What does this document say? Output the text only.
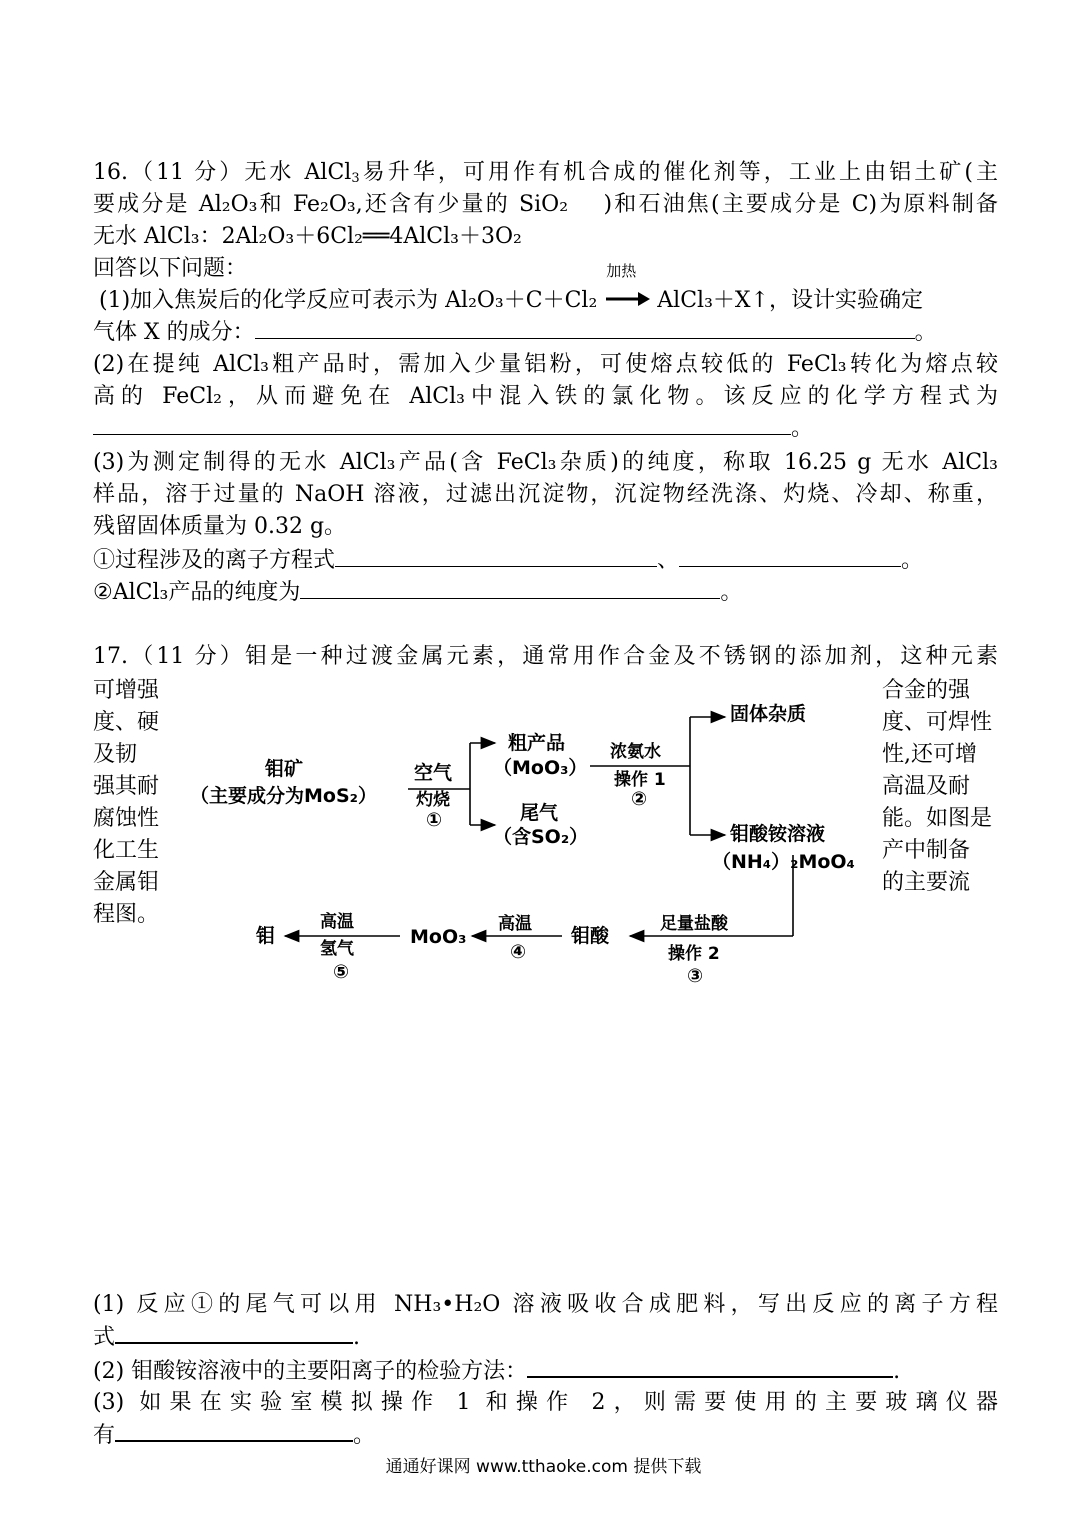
16.（11 分）无水 AlCl$_3$易升华，可用作有机合成的催化剂等，工业上由铝土矿(主
要成分是 Al₂O₃和 Fe₂O₃,还含有少量的 SiO₂　 )和石油焦(主要成分是 C)为原料制备
无水 AlCl₃：2Al₂O₃＋6Cl₂══4AlCl₃＋3O₂
回答以下问题：
(1)加入焦炭后的化学反应可表示为 Al₂O₃＋C＋Cl₂
加热
AlCl₃＋X↑，设计实验确定
气体 X 的成分：	。
(2)在提纯 AlCl₃粗产品时，需加入少量铝粉，可使熔点较低的 FeCl₃转化为熔点较
高的 FeCl₂，从而避免在 AlCl₃中混入铁的氯化物。该反应的化学方程式为
。
(3)为测定制得的无水 AlCl₃产品(含 FeCl₃杂质)的纯度，称取 16.25 g 无水 AlCl₃
样品，溶于过量的 NaOH 溶液，过滤出沉淀物，沉淀物经洗涤、灼烧、冷却、称重，
残留固体质量为 0.32 g。
①过程涉及的离子方程式	、	。
②AlCl₃产品的纯度为	。
17.（11 分）钼是一种过渡金属元素，通常用作合金及不锈钢的添加剂，这种元素
可增强
度、硬
及韧
强其耐
腐蚀性
化工生
金属钼
程图。
合金的强
度、可焊性
性,还可增
高温及耐
能。如图是
产中制备
的主要流
钼矿
（主要成分为MoS₂）
空气
灼烧
①
粗产品
（MoO₃）
尾气
（含SO₂）
浓氨水
操作 1
②
固体杂质
钼酸铵溶液
（NH₄）₂MoO₄
足量盐酸
操作 2
③
钼酸
高温
④
MoO₃
高温
氢气
⑤
钼
(1) 反应①的尾气可以用 NH₃•H₂O 溶液吸收合成肥料，写出反应的离子方程
式	.
(2) 钼酸铵溶液中的主要阳离子的检验方法：	.
(3) 如果在实验室模拟操作 1 和操作 2，则需要使用的主要玻璃仪器
有	。
通通好课网 www.tthaoke.com 提供下载
